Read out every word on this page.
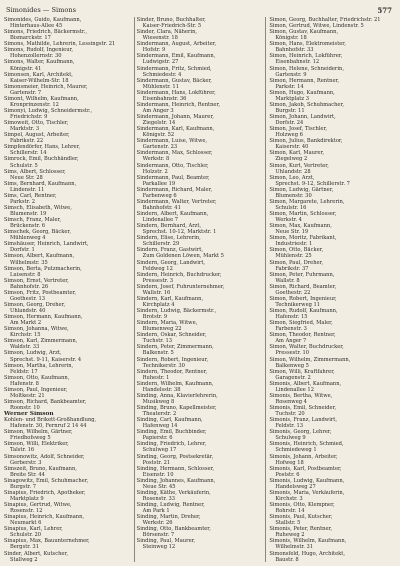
Simonides — Simons	577
Simonides, Guido, Kaufmann,
Hinterhaus-Allee 45
Simons, Friedrich, Bäckermstr.,
Bismarckstr. 17
Simons, Mathilde, Lehrerin, Lessingstr. 21
Simons, Rudolf, Ingenieur,
Hohenzollernstr. 30
Simons, Walter, Kaufmann,
Königstr. 41
Simonsen, Karl, Architekt,
Kaiser-Wilhelm-Str. 18
Simonsmeier, Heinrich, Maurer,
Gartenstr. 7
Simont, Wilhelm, Kaufmann,
Kronprinzenstr. 12
Simonyi, Ludwig, Schneidermstr.,
Friedrichstr. 9
Simoweit, Otto, Tischler,
Marktstr. 3
Simpel, August, Arbeiter,
Fabrikstr. 22
Simpfendörfer, Hans, Lehrer,
Schillerstr. 14
Simrock, Emil, Buchhändler,
Schulstr. 5
Sims, Albert, Schlosser,
Neue Str. 28
Sims, Bernhard, Kaufmann,
Lindenstr. 11
Sims, Carl, Rentner,
Parkstr. 2
Simsch, Elisabeth, Witwe,
Blumenstr. 19
Simsch, Franz, Maler,
Brückenstr. 6
Simschek, Georg, Bäcker,
Mühlenweg 4
Simshäuser, Heinrich, Landwirt,
Dorfstr. 1
Simson, Albert, Kaufmann,
Wilhelmstr. 35
Simson, Berta, Putzmacherin,
Luisenstr. 8
Simson, Ernst, Vertreter,
Bahnhofstr. 26
Simson, Fritz, Postbeamter,
Goethestr. 13
Simson, Georg, Dreher,
Uhlandstr. 40
Simson, Hermann, Kaufmann,
Am Markt 2
Simson, Johanna, Witwe,
Kirchstr. 15
Simson, Karl, Zimmermann,
Waldstr. 33
Simson, Ludwig, Arzt,
Sprechst. 9-11, Kaiserstr. 4
Simson, Martha, Lehrerin,
Feldstr. 17
Simson, Otto, Kaufmann,
Hafenstr. 8
Simson, Paul, Ingenieur,
Moltkestr. 21
Simson, Richard, Bankbeamter,
Roonstr. 10
Werner Simson
Kohlen- und Brikett-Großhandlung,
Hafenstr. 30, Fernruf 2 14 44
Simson, Wilhelm, Gärtner,
Friedhofsweg 5
Simson, Willi, Elektriker,
Talstr. 16
Simsonowitz, Adolf, Schneider,
Gerberstr. 3
Simszeit, Bruno, Kaufmann,
Breite Str. 44
Sinagowitz, Emil, Schuhmacher,
Burgstr. 7
Sinapius, Friedrich, Apotheker,
Marktplatz 9
Sinapius, Gertrud, Witwe,
Rosenstr. 12
Sinapius, Heinrich, Kaufmann,
Neumarkt 6
Sinapius, Karl, Lehrer,
Schulstr. 20
Sinapius, Max, Bauunternehmer,
Bergstr. 31
Sinder, Albert, Kutscher,
Stallweg 2
Sinder, Bruno, Buchhalter,
Kaiser-Friedrich-Str. 5
Sinder, Clara, Näherin,
Wiesenstr. 18
Sindermann, August, Arbeiter,
Hofstr. 9
Sindermann, Emil, Kaufmann,
Ludwigstr. 27
Sindermann, Fritz, Schmied,
Schmiedestr. 4
Sindermann, Gustav, Bäcker,
Mühlenstr. 11
Sindermann, Hans, Lokführer,
Eisenbahnstr. 36
Sindermann, Heinrich, Rentner,
Am Anger 3
Sindermann, Johann, Maurer,
Ziegelstr. 14
Sindermann, Karl, Kaufmann,
Königstr. 52
Sindermann, Luise, Witwe,
Gartenstr. 23
Sindermann, Max, Schlosser,
Werkstr. 8
Sindermann, Otto, Tischler,
Holzstr. 2
Sindermann, Paul, Beamter,
Parkallee 19
Sindermann, Richard, Maler,
Farbenweg 6
Sindermann, Walter, Vertreter,
Bahnhofstr. 41
Sindern, Albert, Kaufmann,
Lindenallee 7
Sindern, Bernhard, Arzt,
Sprechst. 10-12, Marktstr. 1
Sindern, Elise, Lehrerin,
Schillerstr. 29
Sindern, Franz, Gastwirt,
Zum Goldenen Löwen, Markt 5
Sindern, Georg, Landwirt,
Feldweg 12
Sindern, Heinrich, Buchdrucker,
Pressestr. 3
Sindern, Josef, Fuhrunternehmer,
Wallstr. 16
Sindern, Karl, Kaufmann,
Kirchplatz 4
Sindern, Ludwig, Bäckermstr.,
Brotstr. 9
Sindern, Maria, Witwe,
Blumenweg 22
Sindern, Oskar, Schneider,
Tuchstr. 13
Sindern, Peter, Zimmermann,
Balkenstr. 5
Sindern, Robert, Ingenieur,
Technikerstr. 30
Sindern, Theodor, Rentner,
Ruhestr. 1
Sindern, Wilhelm, Kaufmann,
Handelsstr. 38
Sinding, Anna, Klavierlehrerin,
Musikweg 8
Sinding, Bruno, Kapellmeister,
Theaterstr. 2
Sinding, Carl, Kaufmann,
Hafenweg 14
Sinding, Emil, Buchbinder,
Papierstr. 6
Sinding, Friedrich, Lehrer,
Schulweg 17
Sinding, Georg, Postsekretär,
Poststr. 21
Sinding, Hermann, Schlosser,
Eisenstr. 10
Sinding, Johannes, Kaufmann,
Neue Str. 45
Sinding, Käthe, Verkäuferin,
Rosenstr. 33
Sinding, Ludwig, Rentner,
Am Park 1
Sinding, Martin, Dreher,
Werkstr. 26
Sinding, Otto, Bankbeamter,
Börsenstr. 7
Sinding, Paul, Maurer,
Steinweg 12
Simon, Georg, Buchhalter, Friedrichstr. 21
Simon, Gertrud, Witwe, Lindenstr. 5
Simon, Gustav, Kaufmann,
Königstr. 18
Simon, Hans, Elektromeister,
Bahnhofstr. 33
Simon, Heinrich, Lokführer,
Eisenbahnstr. 12
Simon, Helene, Schneiderin,
Gartenstr. 9
Simon, Hermann, Rentner,
Parkstr. 14
Simon, Hugo, Kaufmann,
Marktplatz 3
Simon, Jakob, Schuhmacher,
Burgstr. 11
Simon, Johann, Landwirt,
Dorfstr. 24
Simon, Josef, Tischler,
Holzweg 6
Simon, Julius, Bankdirektor,
Kaiserstr. 40
Simon, Karl, Maurer,
Ziegelweg 2
Simon, Kurt, Vertreter,
Uhlandstr. 28
Simon, Leo, Arzt,
Sprechst. 9-12, Schillerstr. 7
Simon, Ludwig, Gärtner,
Blumenstr. 30
Simon, Margarete, Lehrerin,
Schulstr. 16
Simon, Martin, Schlosser,
Werkstr. 4
Simon, Max, Kaufmann,
Neue Str. 19
Simon, Moritz, Fabrikant,
Industriestr. 1
Simon, Otto, Bäcker,
Mühlenstr. 25
Simon, Paul, Dreher,
Fabrikstr. 37
Simon, Peter, Fuhrmann,
Wallstr. 8
Simon, Richard, Beamter,
Goethestr. 22
Simon, Robert, Ingenieur,
Technikerweg 11
Simon, Rudolf, Kaufmann,
Hafenstr. 15
Simon, Siegfried, Maler,
Farbenstr. 3
Simon, Theodor, Rentner,
Am Anger 7
Simon, Walter, Buchdrucker,
Pressestr. 10
Simon, Wilhelm, Zimmermann,
Balkenweg 5
Simon, Willi, Kraftfahrer,
Garagenstr. 2
Simonis, Albert, Kaufmann,
Lindenallee 12
Simonis, Bertha, Witwe,
Rosenweg 4
Simonis, Emil, Schneider,
Tuchstr. 20
Simonis, Franz, Landwirt,
Feldstr. 13
Simonis, Georg, Lehrer,
Schulweg 9
Simonis, Heinrich, Schmied,
Schmiedeweg 1
Simonis, Johann, Arbeiter,
Hofweg 18
Simonis, Karl, Postbeamter,
Poststr. 6
Simonis, Ludwig, Kaufmann,
Handelsweg 27
Simonis, Maria, Verkäuferin,
Kirchstr. 3
Simonis, Otto, Klempner,
Rohrstr. 14
Simonis, Paul, Kutscher,
Stallstr. 5
Simonis, Peter, Rentner,
Ruheweg 2
Simonis, Wilhelm, Kaufmann,
Wilhelmstr. 31
Simonsfeld, Hugo, Architekt,
Baustr. 8
